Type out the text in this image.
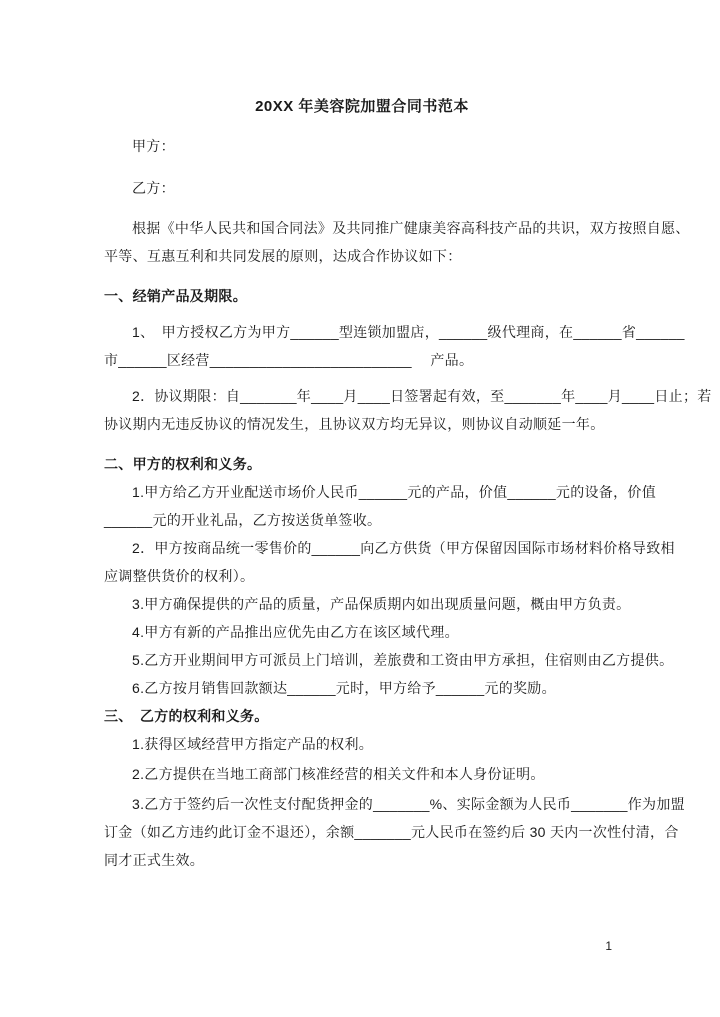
20XX 年美容院加盟合同书范本
甲方：
乙方：
根据《中华人民共和国合同法》及共同推广健康美容高科技产品的共识，双方按照自愿、
平等、互惠互利和共同发展的原则，达成合作协议如下：
一、经销产品及期限。
1、　甲方授权乙方为甲方______型连锁加盟店，______级代理商，在______省______
市______区经营_________________________　 产品。
2．协议期限：自_______年____月____日签署起有效，至_______年____月____日止；若
协议期内无违反协议的情况发生，且协议双方均无异议，则协议自动顺延一年。
二、甲方的权利和义务。
1.甲方给乙方开业配送市场价人民币______元的产品，价值______元的设备，价值
______元的开业礼品，乙方按送货单签收。
2．甲方按商品统一零售价的______向乙方供货（甲方保留因国际市场材料价格导致相
应调整供货价的权利）。
3.甲方确保提供的产品的质量，产品保质期内如出现质量问题，概由甲方负责。
4.甲方有新的产品推出应优先由乙方在该区域代理。
5.乙方开业期间甲方可派员上门培训，差旅费和工资由甲方承担，住宿则由乙方提供。
6.乙方按月销售回款额达______元时，甲方给予______元的奖励。
三、　乙方的权利和义务。
1.获得区域经营甲方指定产品的权利。
2.乙方提供在当地工商部门核准经营的相关文件和本人身份证明。
3.乙方于签约后一次性支付配货押金的_______%、实际金额为人民币_______作为加盟
订金（如乙方违约此订金不退还），余额_______元人民币在签约后 30 天内一次性付清，合
同才正式生效。
1
